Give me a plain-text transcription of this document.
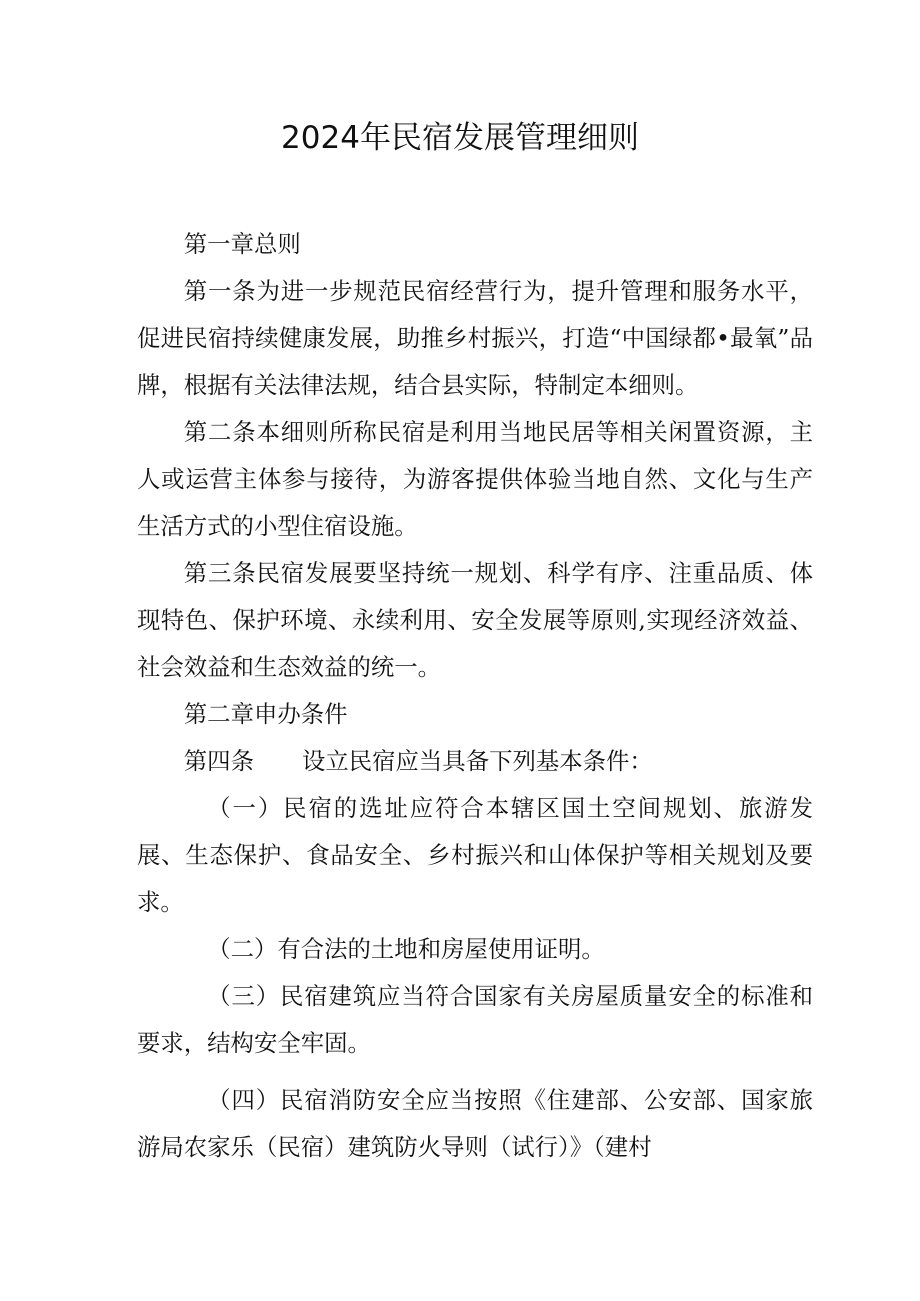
2024年民宿发展管理细则

第一章总则

第一条为进一步规范民宿经营行为，提升管理和服务水平，促进民宿持续健康发展，助推乡村振兴，打造“中国绿都•最氧”品牌，根据有关法律法规，结合县实际，特制定本细则。

第二条本细则所称民宿是利用当地民居等相关闲置资源，主人或运营主体参与接待，为游客提供体验当地自然、文化与生产生活方式的小型住宿设施。

第三条民宿发展要坚持统一规划、科学有序、注重品质、体现特色、保护环境、永续利用、安全发展等原则,实现经济效益、社会效益和生态效益的统一。

第二章申办条件

第四条 设立民宿应当具备下列基本条件：

（一）民宿的选址应符合本辖区国土空间规划、旅游发展、生态保护、食品安全、乡村振兴和山体保护等相关规划及要求。

（二）有合法的土地和房屋使用证明。

（三）民宿建筑应当符合国家有关房屋质量安全的标准和要求，结构安全牢固。

（四）民宿消防安全应当按照《住建部、公安部、国家旅游局农家乐（民宿）建筑防火导则（试行）》（建村
